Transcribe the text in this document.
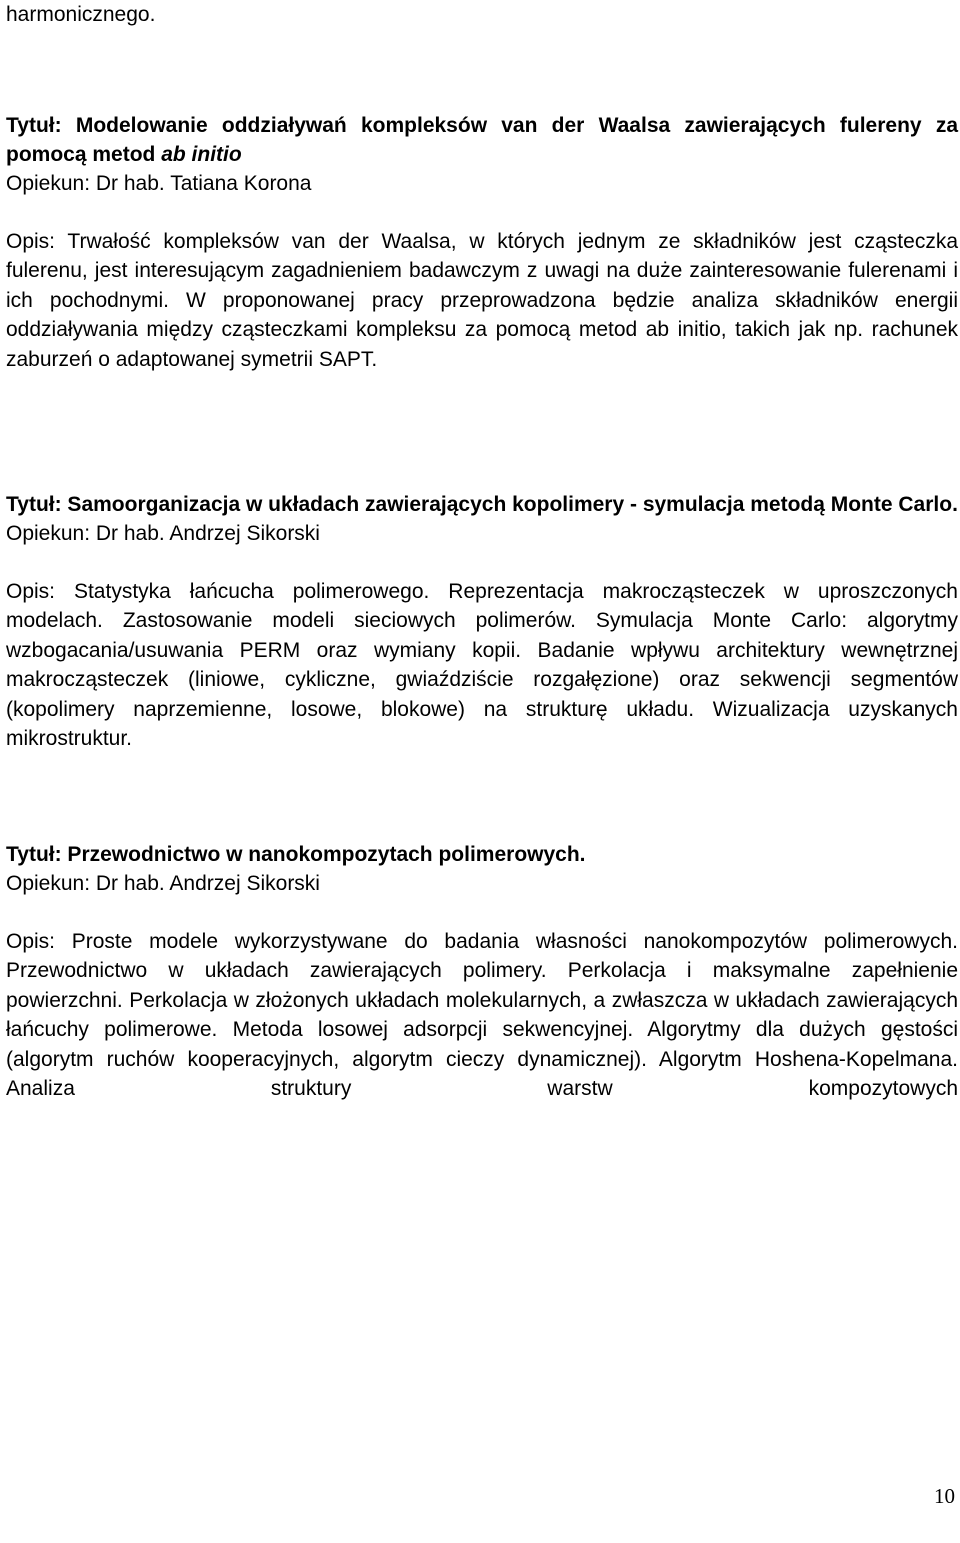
harmonicznego.
Tytuł: Modelowanie oddziaływań kompleksów van der Waalsa zawierających fulereny za pomocą metod ab initio
Opiekun: Dr hab. Tatiana Korona
Opis: Trwałość kompleksów van der Waalsa, w których jednym ze składników jest cząsteczka fulerenu, jest interesującym zagadnieniem badawczym z uwagi na duże zainteresowanie fulerenami i ich pochodnymi. W proponowanej pracy przeprowadzona będzie analiza składników energii oddziaływania między cząsteczkami kompleksu za pomocą metod ab initio, takich jak np. rachunek zaburzeń o adaptowanej symetrii SAPT.
Tytuł: Samoorganizacja w układach zawierających kopolimery - symulacja metodą Monte Carlo.
Opiekun: Dr hab. Andrzej Sikorski
Opis: Statystyka łańcucha polimerowego. Reprezentacja makrocząsteczek w uproszczonych modelach. Zastosowanie modeli sieciowych polimerów. Symulacja Monte Carlo: algorytmy wzbogacania/usuwania PERM oraz wymiany kopii. Badanie wpływu architektury wewnętrznej makrocząsteczek (liniowe, cykliczne, gwiaździście rozgałęzione) oraz sekwencji segmentów (kopolimery naprzemienne, losowe, blokowe) na strukturę układu. Wizualizacja uzyskanych mikrostruktur.
Tytuł: Przewodnictwo w nanokompozytach polimerowych.
Opiekun: Dr hab. Andrzej Sikorski
Opis: Proste modele wykorzystywane do badania własności nanokompozytów polimerowych. Przewodnictwo w układach zawierających polimery. Perkolacja i maksymalne zapełnienie powierzchni. Perkolacja w złożonych układach molekularnych, a zwłaszcza w układach zawierających łańcuchy polimerowe. Metoda losowej adsorpcji sekwencyjnej. Algorytmy dla dużych gęstości (algorytm ruchów kooperacyjnych, algorytm cieczy dynamicznej). Algorytm Hoshena-Kopelmana. Analiza struktury warstw kompozytowych
10
